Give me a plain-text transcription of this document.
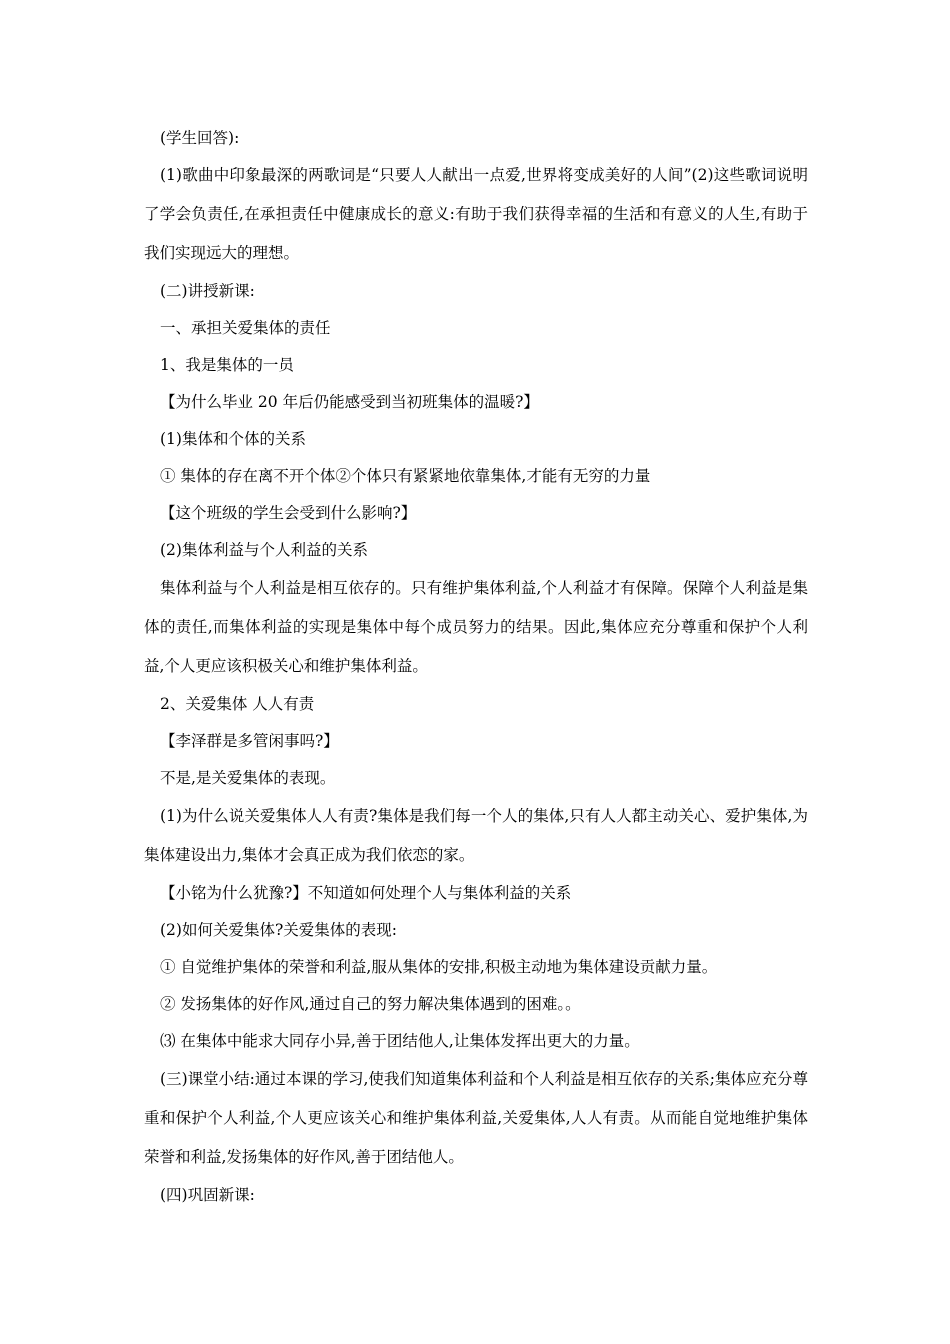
(学生回答):
(1)歌曲中印象最深的两歌词是“只要人人献出一点爱,世界将变成美好的人间”(2)这些歌词说明了学会负责任,在承担责任中健康成长的意义:有助于我们获得幸福的生活和有意义的人生,有助于我们实现远大的理想。
(二)讲授新课:
一、承担关爱集体的责任
1、我是集体的一员
【为什么毕业 20 年后仍能感受到当初班集体的温暖?】
(1)集体和个体的关系
① 集体的存在离不开个体②个体只有紧紧地依靠集体,才能有无穷的力量
【这个班级的学生会受到什么影响?】
(2)集体利益与个人利益的关系
集体利益与个人利益是相互依存的。只有维护集体利益,个人利益才有保障。保障个人利益是集体的责任,而集体利益的实现是集体中每个成员努力的结果。因此,集体应充分尊重和保护个人利益,个人更应该积极关心和维护集体利益。
2、关爱集体 人人有责
【李泽群是多管闲事吗?】
不是,是关爱集体的表现。
(1)为什么说关爱集体人人有责?集体是我们每一个人的集体,只有人人都主动关心、爱护集体,为集体建设出力,集体才会真正成为我们依恋的家。
【小铭为什么犹豫?】不知道如何处理个人与集体利益的关系
(2)如何关爱集体?关爱集体的表现:
① 自觉维护集体的荣誉和利益,服从集体的安排,积极主动地为集体建设贡献力量。
② 发扬集体的好作风,通过自己的努力解决集体遇到的困难。。
⑶ 在集体中能求大同存小异,善于团结他人,让集体发挥出更大的力量。
(三)课堂小结:通过本课的学习,使我们知道集体利益和个人利益是相互依存的关系;集体应充分尊重和保护个人利益,个人更应该关心和维护集体利益,关爱集体,人人有责。从而能自觉地维护集体荣誉和利益,发扬集体的好作风,善于团结他人。
(四)巩固新课:
